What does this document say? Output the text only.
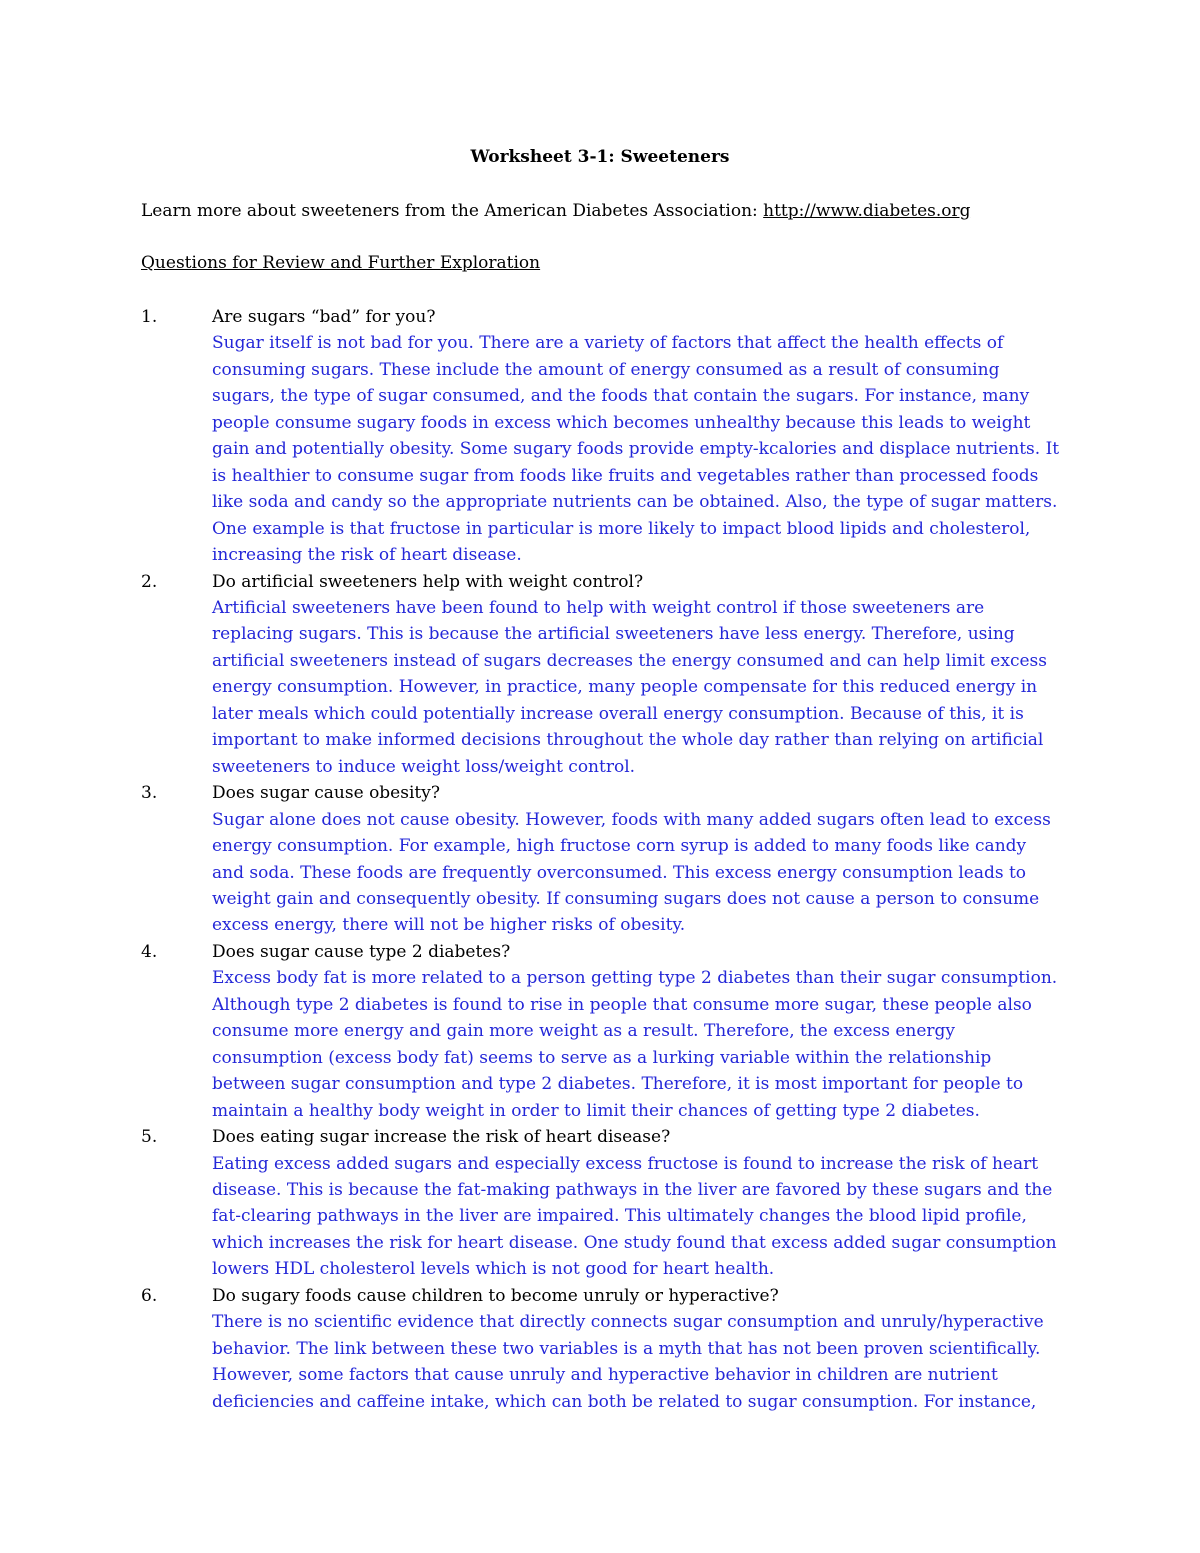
Worksheet 3-1: Sweeteners
Learn more about sweeteners from the American Diabetes Association: http://www.diabetes.org
Questions for Review and Further Exploration
1.	Are sugars “bad” for you?
Sugar itself is not bad for you. There are a variety of factors that affect the health effects of consuming sugars. These include the amount of energy consumed as a result of consuming sugars, the type of sugar consumed, and the foods that contain the sugars. For instance, many people consume sugary foods in excess which becomes unhealthy because this leads to weight gain and potentially obesity. Some sugary foods provide empty-kcalories and displace nutrients. It is healthier to consume sugar from foods like fruits and vegetables rather than processed foods like soda and candy so the appropriate nutrients can be obtained. Also, the type of sugar matters. One example is that fructose in particular is more likely to impact blood lipids and cholesterol, increasing the risk of heart disease.
2.	Do artificial sweeteners help with weight control?
Artificial sweeteners have been found to help with weight control if those sweeteners are replacing sugars. This is because the artificial sweeteners have less energy. Therefore, using artificial sweeteners instead of sugars decreases the energy consumed and can help limit excess energy consumption. However, in practice, many people compensate for this reduced energy in later meals which could potentially increase overall energy consumption. Because of this, it is important to make informed decisions throughout the whole day rather than relying on artificial sweeteners to induce weight loss/weight control.
3.	Does sugar cause obesity?
Sugar alone does not cause obesity. However, foods with many added sugars often lead to excess energy consumption. For example, high fructose corn syrup is added to many foods like candy and soda. These foods are frequently overconsumed. This excess energy consumption leads to weight gain and consequently obesity. If consuming sugars does not cause a person to consume excess energy, there will not be higher risks of obesity.
4.	Does sugar cause type 2 diabetes?
Excess body fat is more related to a person getting type 2 diabetes than their sugar consumption. Although type 2 diabetes is found to rise in people that consume more sugar, these people also consume more energy and gain more weight as a result. Therefore, the excess energy consumption (excess body fat) seems to serve as a lurking variable within the relationship between sugar consumption and type 2 diabetes. Therefore, it is most important for people to maintain a healthy body weight in order to limit their chances of getting type 2 diabetes.
5.	Does eating sugar increase the risk of heart disease?
Eating excess added sugars and especially excess fructose is found to increase the risk of heart disease. This is because the fat-making pathways in the liver are favored by these sugars and the fat-clearing pathways in the liver are impaired. This ultimately changes the blood lipid profile, which increases the risk for heart disease. One study found that excess added sugar consumption lowers HDL cholesterol levels which is not good for heart health.
6.	Do sugary foods cause children to become unruly or hyperactive?
There is no scientific evidence that directly connects sugar consumption and unruly/hyperactive behavior. The link between these two variables is a myth that has not been proven scientifically. However, some factors that cause unruly and hyperactive behavior in children are nutrient deficiencies and caffeine intake, which can both be related to sugar consumption. For instance,
